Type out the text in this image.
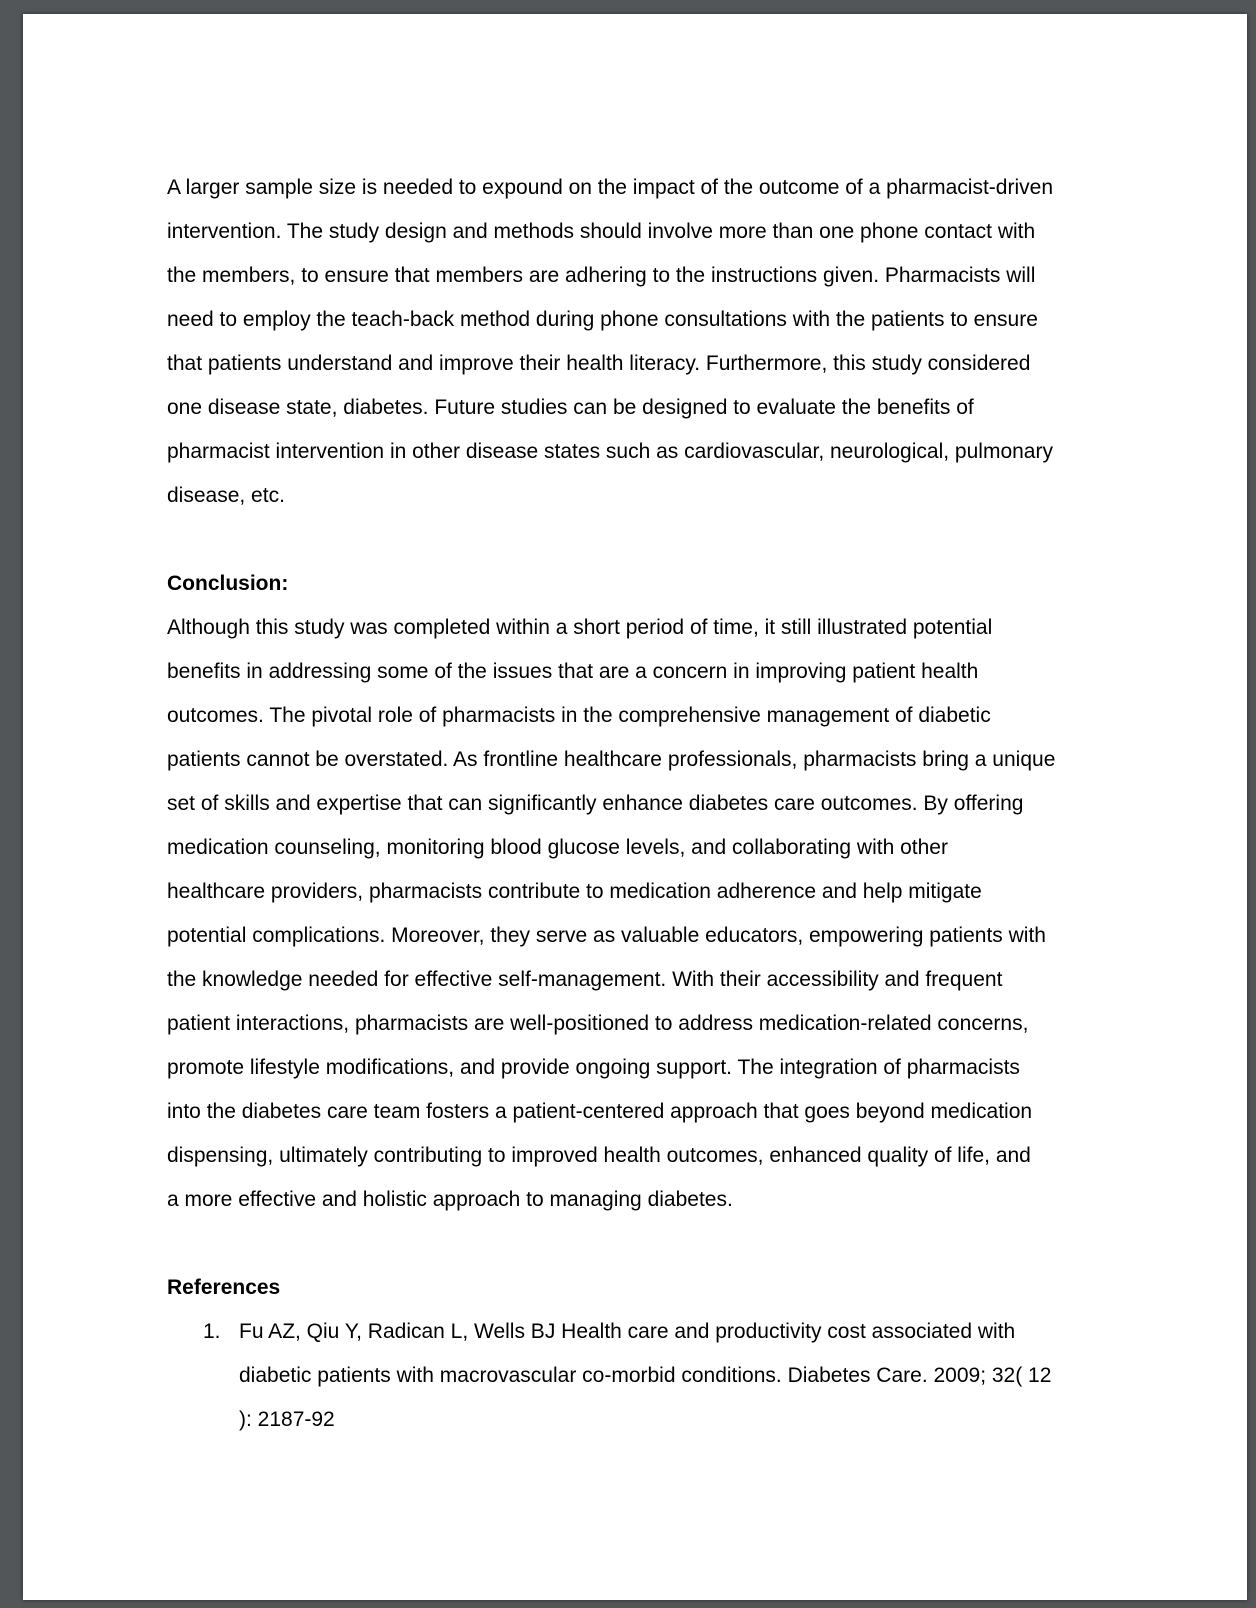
A larger sample size is needed to expound on the impact of the outcome of a pharmacist-driven
intervention. The study design and methods should involve more than one phone contact with
the members, to ensure that members are adhering to the instructions given. Pharmacists will
need to employ the teach-back method during phone consultations with the patients to ensure
that patients understand and improve their health literacy. Furthermore, this study considered
one disease state, diabetes. Future studies can be designed to evaluate the benefits of
pharmacist intervention in other disease states such as cardiovascular, neurological, pulmonary
disease, etc.
Conclusion:
Although this study was completed within a short period of time, it still illustrated potential
benefits in addressing some of the issues that are a concern in improving patient health
outcomes. The pivotal role of pharmacists in the comprehensive management of diabetic
patients cannot be overstated. As frontline healthcare professionals, pharmacists bring a unique
set of skills and expertise that can significantly enhance diabetes care outcomes. By offering
medication counseling, monitoring blood glucose levels, and collaborating with other
healthcare providers, pharmacists contribute to medication adherence and help mitigate
potential complications. Moreover, they serve as valuable educators, empowering patients with
the knowledge needed for effective self-management. With their accessibility and frequent
patient interactions, pharmacists are well-positioned to address medication-related concerns,
promote lifestyle modifications, and provide ongoing support. The integration of pharmacists
into the diabetes care team fosters a patient-centered approach that goes beyond medication
dispensing, ultimately contributing to improved health outcomes, enhanced quality of life, and
a more effective and holistic approach to managing diabetes.
References
1. Fu AZ, Qiu Y, Radican L, Wells BJ Health care and productivity cost associated with
diabetic patients with macrovascular co-morbid conditions. Diabetes Care. 2009; 32( 12
): 2187-92
